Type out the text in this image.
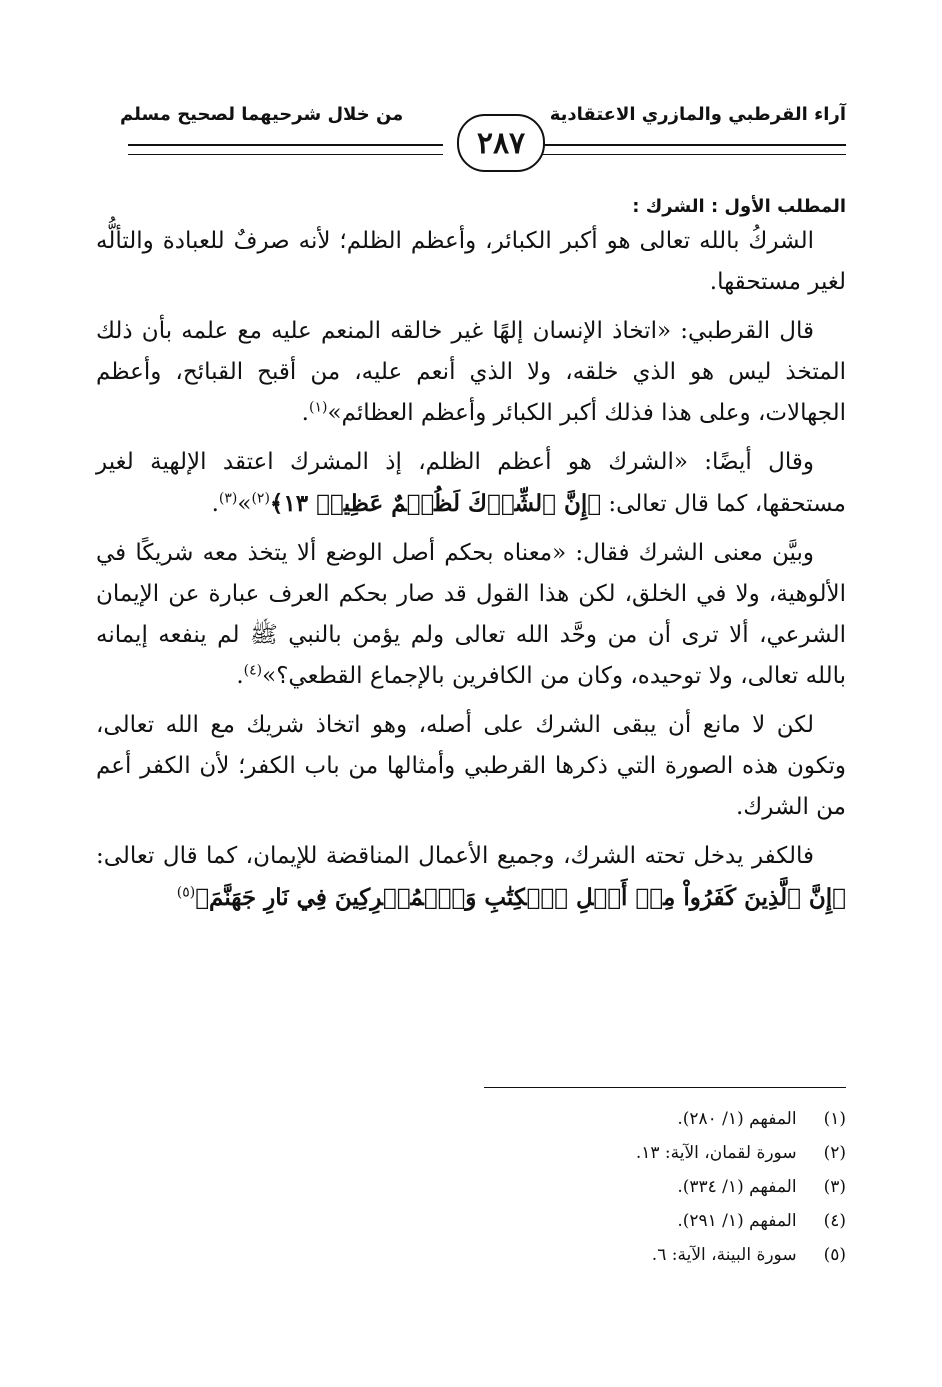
آراء القرطبي والمازري الاعتقادية
من خلال شرحيهما لصحيح مسلم
٢٨٧
المطلب الأول : الشرك :

الشركُ بالله تعالى هو أكبر الكبائر، وأعظم الظلم؛ لأنه صرفٌ للعبادة والتألُّه لغير مستحقها.

قال القرطبي: «اتخاذ الإنسان إلهًا غير خالقه المنعم عليه مع علمه بأن ذلك المتخذ ليس هو الذي خلقه، ولا الذي أنعم عليه، من أقبح القبائح، وأعظم الجهالات، وعلى هذا فذلك أكبر الكبائر وأعظم العظائم»$^{(١)}$.

وقال أيضًا: «الشرك هو أعظم الظلم، إذ المشرك اعتقد الإلهية لغير مستحقها، كما قال تعالى: ﴿إِنَّ ٱلشِّرۡكَ لَظُلۡمٌ عَظِيمٞ ١٣﴾$^{(٢)}$»$^{(٣)}$.

وبيَّن معنى الشرك فقال: «معناه بحكم أصل الوضع ألا يتخذ معه شريكًا في الألوهية، ولا في الخلق، لكن هذا القول قد صار بحكم العرف عبارة عن الإيمان الشرعي، ألا ترى أن من وحَّد الله تعالى ولم يؤمن بالنبي ﷺ لم ينفعه إيمانه بالله تعالى، ولا توحيده، وكان من الكافرين بالإجماع القطعي؟»$^{(٤)}$.

لكن لا مانع أن يبقى الشرك على أصله، وهو اتخاذ شريك مع الله تعالى، وتكون هذه الصورة التي ذكرها القرطبي وأمثالها من باب الكفر؛ لأن الكفر أعم من الشرك.

فالكفر يدخل تحته الشرك، وجميع الأعمال المناقضة للإيمان، كما قال تعالى: ﴿إِنَّ ٱلَّذِينَ كَفَرُواْ مِنۡ أَهۡلِ ٱلۡكِتَٰبِ وَٱلۡمُشۡرِكِينَ فِي نَارِ جَهَنَّمَ﴾$^{(٥)}$

(١) المفهم (١/ ٢٨٠).
(٢) سورة لقمان، الآية: ١٣.
(٣) المفهم (١/ ٣٣٤).
(٤) المفهم (١/ ٢٩١).
(٥) سورة البينة، الآية: ٦.
